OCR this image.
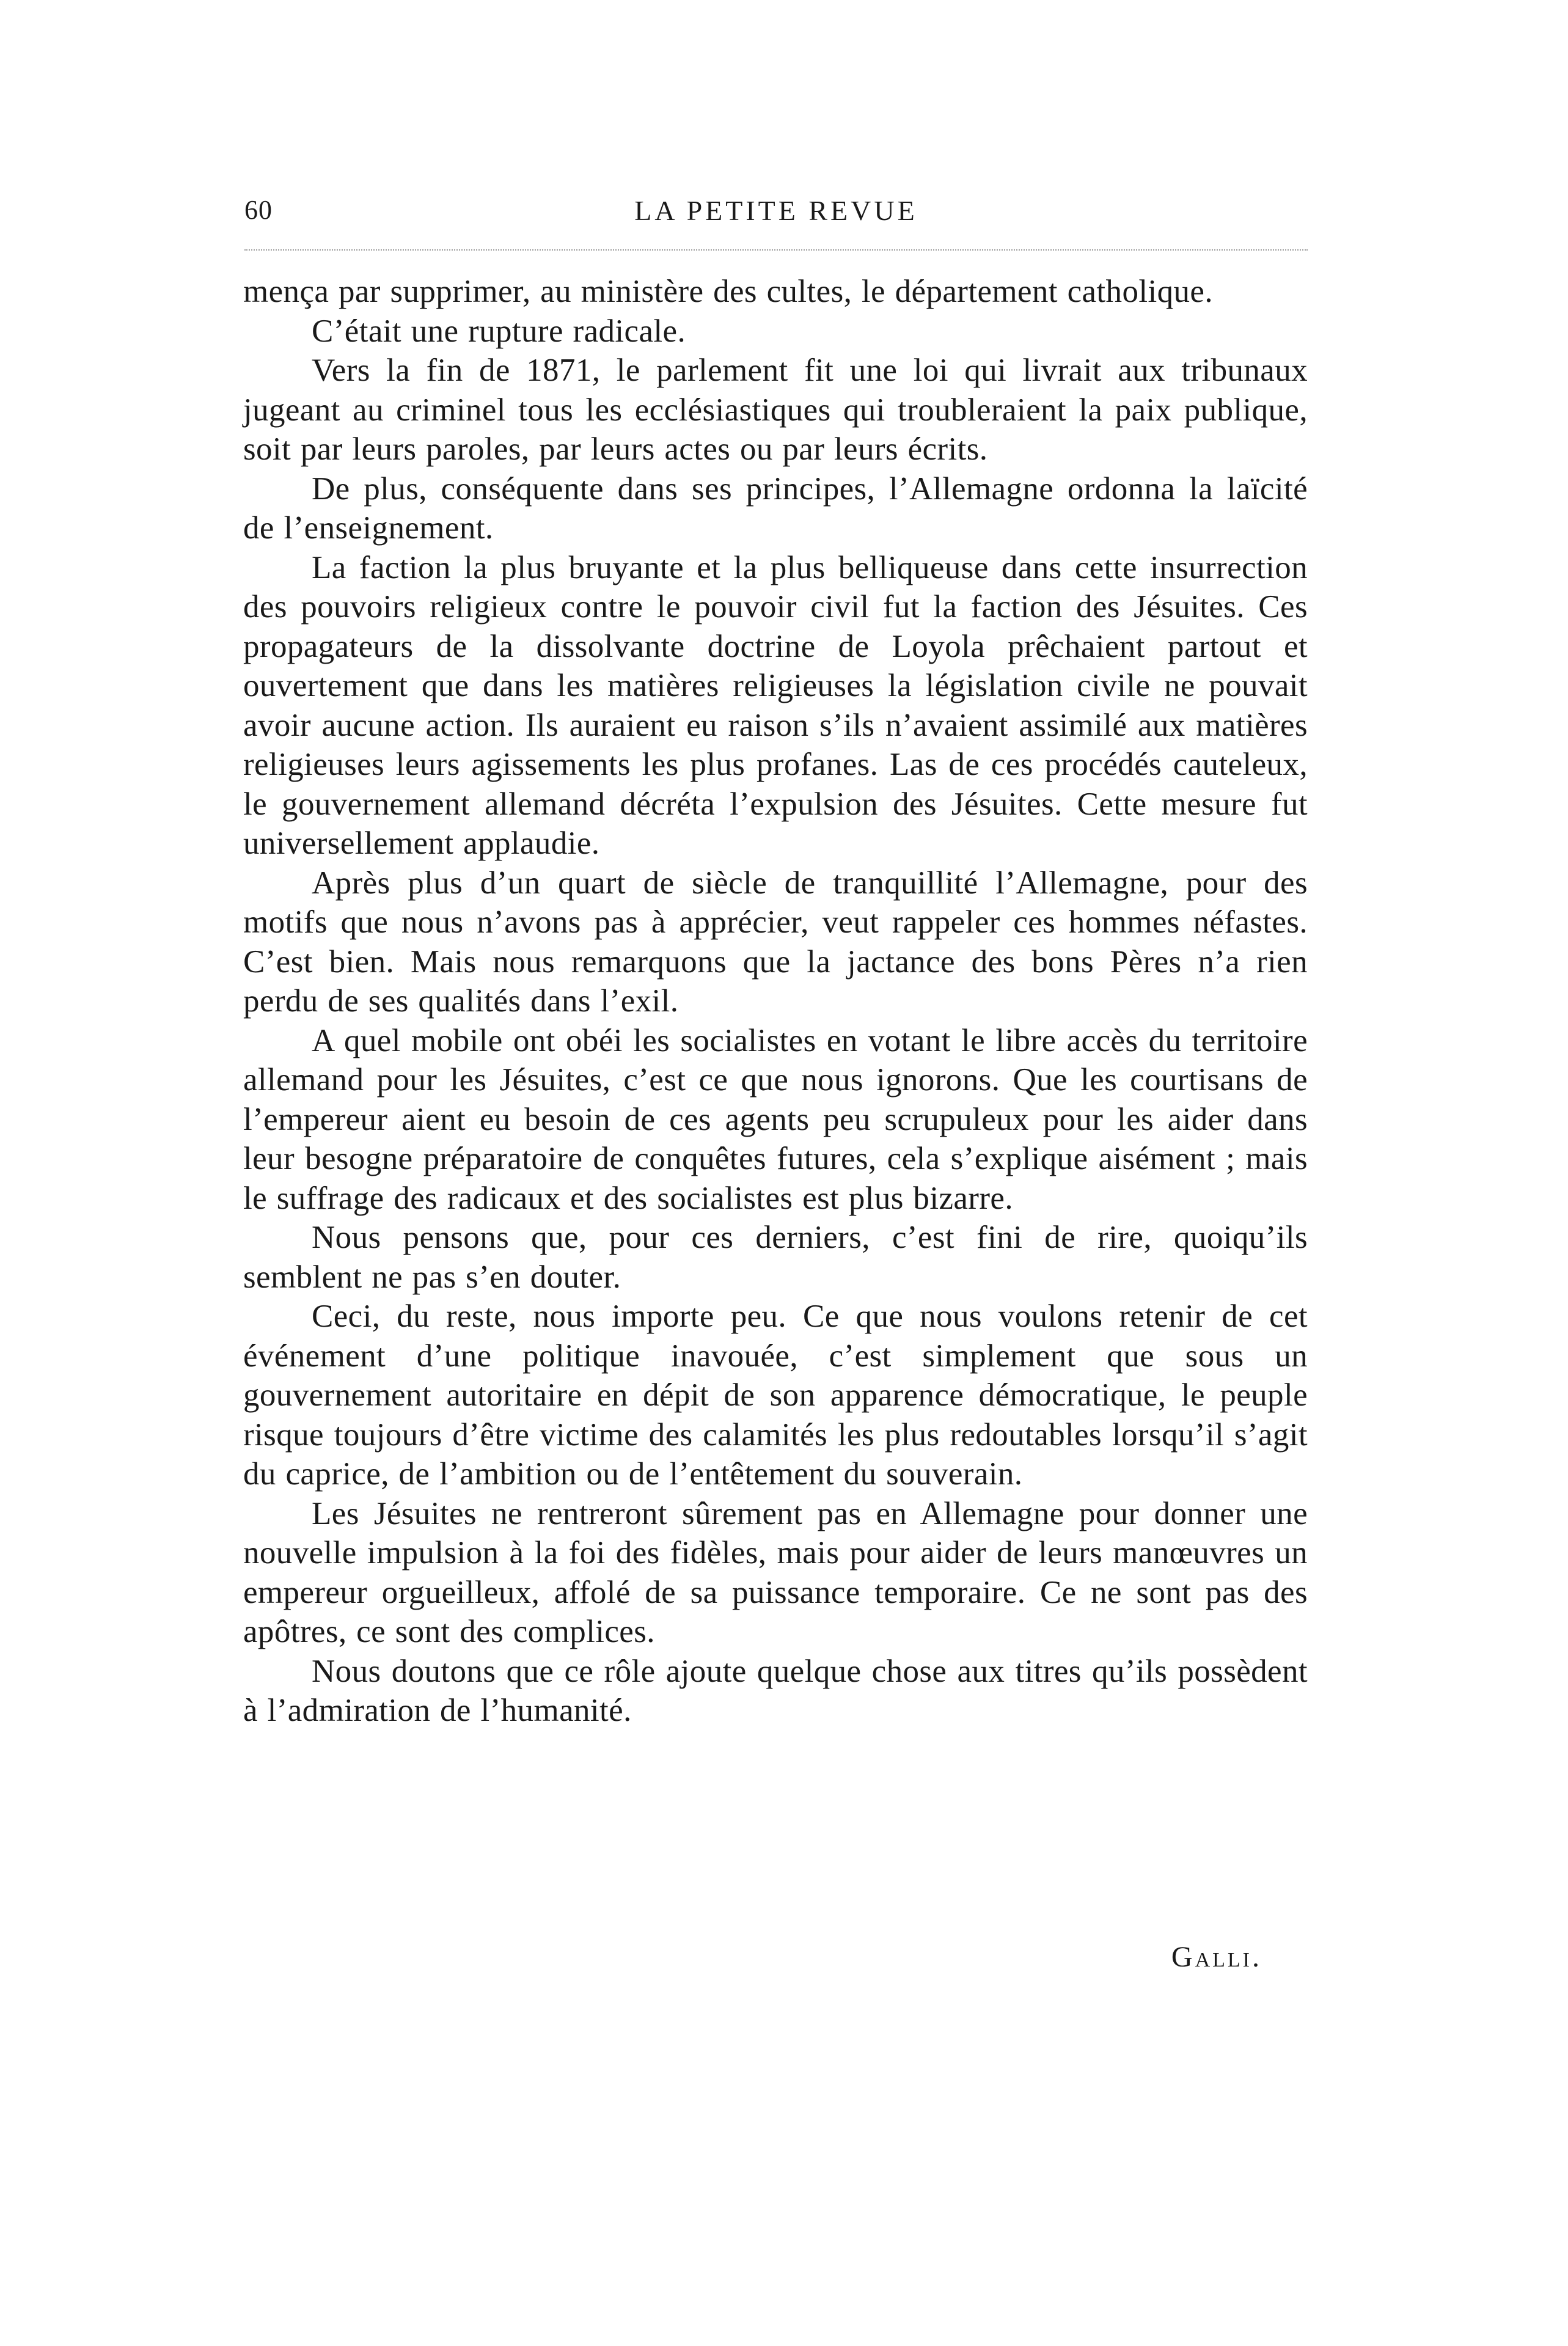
60	LA PETITE REVUE

mença par supprimer, au ministère des cultes, le département catholique.

C’était une rupture radicale.

Vers la fin de 1871, le parlement fit une loi qui livrait aux tribunaux jugeant au criminel tous les ecclésiastiques qui troubleraient la paix publique, soit par leurs paroles, par leurs actes ou par leurs écrits.

De plus, conséquente dans ses principes, l’Allemagne ordonna la laïcité de l’enseignement.

La faction la plus bruyante et la plus belliqueuse dans cette insurrection des pouvoirs religieux contre le pouvoir civil fut la faction des Jésuites. Ces propagateurs de la dissolvante doctrine de Loyola prêchaient partout et ouvertement que dans les matières religieuses la législation civile ne pouvait avoir aucune action. Ils auraient eu raison s’ils n’avaient assimilé aux matières religieuses leurs agissements les plus profanes. Las de ces procédés cauteleux, le gouvernement allemand décréta l’expulsion des Jésuites. Cette mesure fut universellement applaudie.

Après plus d’un quart de siècle de tranquillité l’Allemagne, pour des motifs que nous n’avons pas à apprécier, veut rappeler ces hommes néfastes. C’est bien. Mais nous remarquons que la jactance des bons Pères n’a rien perdu de ses qualités dans l’exil.

A quel mobile ont obéi les socialistes en votant le libre accès du territoire allemand pour les Jésuites, c’est ce que nous ignorons. Que les courtisans de l’empereur aient eu besoin de ces agents peu scrupuleux pour les aider dans leur besogne préparatoire de conquêtes futures, cela s’explique aisément ; mais le suffrage des radicaux et des socialistes est plus bizarre.

Nous pensons que, pour ces derniers, c’est fini de rire, quoiqu’ils semblent ne pas s’en douter.

Ceci, du reste, nous importe peu. Ce que nous voulons retenir de cet événement d’une politique inavouée, c’est simplement que sous un gouvernement autoritaire en dépit de son apparence démocratique, le peuple risque toujours d’être victime des calamités les plus redoutables lorsqu’il s’agit du caprice, de l’ambition ou de l’entêtement du souverain.

Les Jésuites ne rentreront sûrement pas en Allemagne pour donner une nouvelle impulsion à la foi des fidèles, mais pour aider de leurs manœuvres un empereur orgueilleux, affolé de sa puissance temporaire. Ce ne sont pas des apôtres, ce sont des complices.

Nous doutons que ce rôle ajoute quelque chose aux titres qu’ils possèdent à l’admiration de l’humanité.

Galli.
